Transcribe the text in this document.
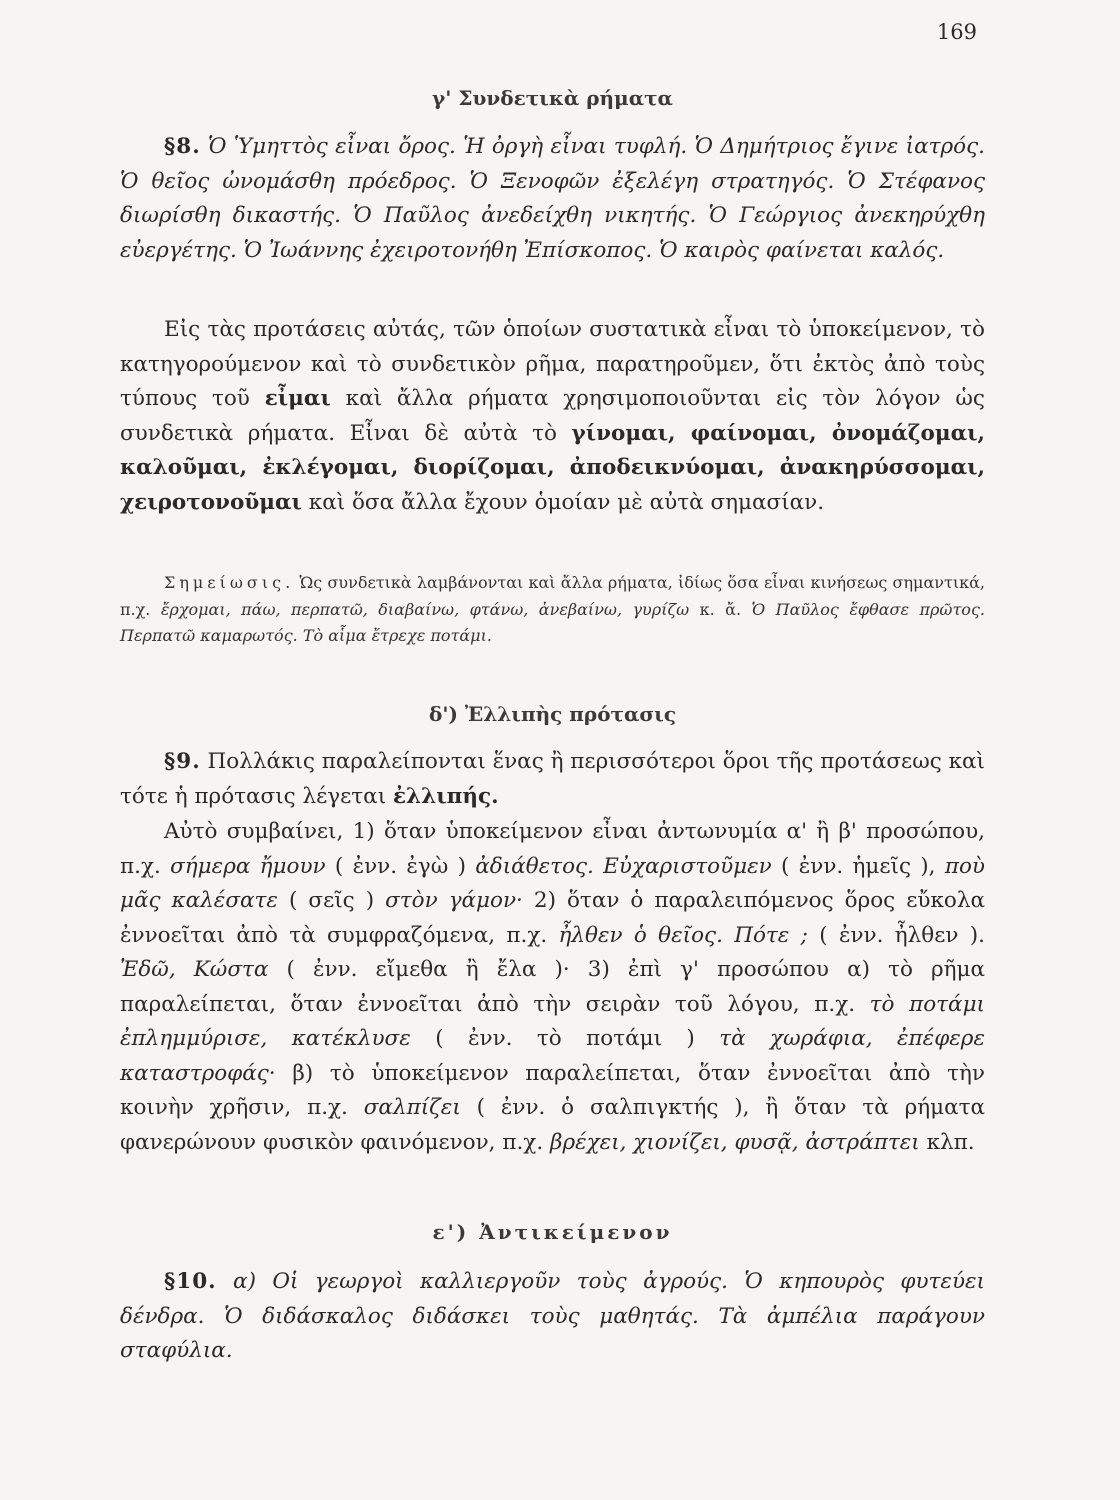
169
γ' Συνδετικὰ ρήματα

§8. Ὁ Ὑμηττὸς εἶναι ὄρος. Ἡ ὀργὴ εἶναι τυφλή. Ὁ Δημήτριος ἔγινε ἰατρός. Ὁ θεῖος ὠνομάσθη πρόεδρος. Ὁ Ξενοφῶν ἐξελέγη στρατηγός. Ὁ Στέφανος διωρίσθη δικαστής. Ὁ Παῦλος ἀνεδείχθη νικητής. Ὁ Γεώργιος ἀνεκηρύχθη εὐεργέτης. Ὁ Ἰωάννης ἐχειροτονήθη Ἐπίσκοπος. Ὁ καιρὸς φαίνεται καλός.

Εἰς τὰς προτάσεις αὐτάς, τῶν ὁποίων συστατικὰ εἶναι τὸ ὑποκείμενον, τὸ κατηγορούμενον καὶ τὸ συνδετικὸν ρῆμα, παρατηροῦμεν, ὅτι ἐκτὸς ἀπὸ τοὺς τύπους τοῦ εἶμαι καὶ ἄλλα ρήματα χρησιμοποιοῦνται εἰς τὸν λόγον ὡς συνδετικὰ ρήματα. Εἶναι δὲ αὐτὰ τὸ γίνομαι, φαίνομαι, ὀνομάζομαι, καλοῦμαι, ἐκλέγομαι, διορίζομαι, ἀποδεικνύομαι, ἀνακηρύσσομαι, χειροτονοῦμαι καὶ ὅσα ἄλλα ἔχουν ὁμοίαν μὲ αὐτὰ σημασίαν.

Σημείωσις. Ὡς συνδετικὰ λαμβάνονται καὶ ἄλλα ρήματα, ἰδίως ὅσα εἶναι κινήσεως σημαντικά, π.χ. ἔρχομαι, πάω, περπατῶ, διαβαίνω, φτάνω, ἀνεβαίνω, γυρίζω κ. ἄ. Ὁ Παῦλος ἔφθασε πρῶτος. Περπατῶ καμαρωτός. Τὸ αἷμα ἔτρεχε ποτάμι.

δ') Ἐλλιπὴς πρότασις

§9. Πολλάκις παραλείπονται ἕνας ἢ περισσότεροι ὅροι τῆς προτάσεως καὶ τότε ἡ πρότασις λέγεται ἐλλιπής.

Αὐτὸ συμβαίνει, 1) ὅταν ὑποκείμενον εἶναι ἀντωνυμία α' ἢ β' προσώπου, π.χ. σήμερα ἤμουν ( ἐνν. ἐγὼ ) ἀδιάθετος. Εὐχαριστοῦμεν ( ἐνν. ἡμεῖς ), ποὺ μᾶς καλέσατε ( σεῖς ) στὸν γάμον· 2) ὅταν ὁ παραλειπόμενος ὅρος εὔκολα ἐννοεῖται ἀπὸ τὰ συμφραζόμενα, π.χ. ἦλθεν ὁ θεῖος. Πότε ; ( ἐνν. ἦλθεν ). Ἐδῶ, Κώστα ( ἐνν. εἴμεθα ἢ ἔλα )· 3) ἐπὶ γ' προσώπου α) τὸ ρῆμα παραλείπεται, ὅταν ἐννοεῖται ἀπὸ τὴν σειρὰν τοῦ λόγου, π.χ. τὸ ποτάμι ἐπλημμύρισε, κατέκλυσε ( ἐνν. τὸ ποτάμι ) τὰ χωράφια, ἐπέφερε καταστροφάς· β) τὸ ὑποκείμενον παραλείπεται, ὅταν ἐννοεῖται ἀπὸ τὴν κοινὴν χρῆσιν, π.χ. σαλπίζει ( ἐνν. ὁ σαλπιγκτής ), ἢ ὅταν τὰ ρήματα φανερώνουν φυσικὸν φαινόμενον, π.χ. βρέχει, χιονίζει, φυσᾷ, ἀστράπτει κλπ.

ε') Ἀντικείμενον

§10. α) Οἱ γεωργοὶ καλλιεργοῦν τοὺς ἀγρούς. Ὁ κηπουρὸς φυτεύει δένδρα. Ὁ διδάσκαλος διδάσκει τοὺς μαθητάς. Τὰ ἀμπέλια παράγουν σταφύλια.
